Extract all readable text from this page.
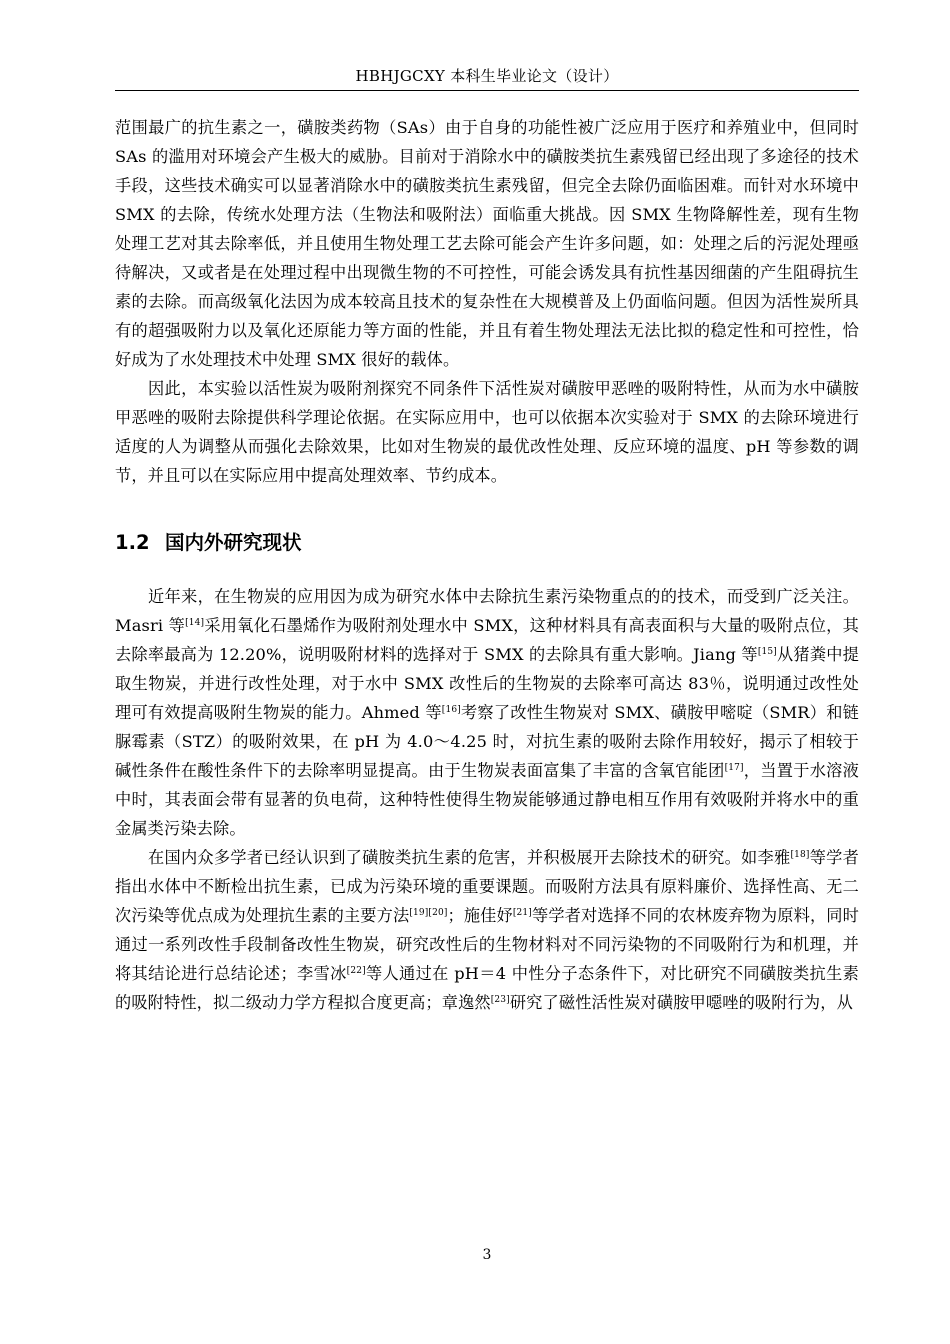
HBHJGCXY 本科生毕业论文（设计）

范围最广的抗生素之一，磺胺类药物（SAs）由于自身的功能性被广泛应用于医疗和养殖业中，但同时 SAs 的滥用对环境会产生极大的威胁。目前对于消除水中的磺胺类抗生素残留已经出现了多途径的技术手段，这些技术确实可以显著消除水中的磺胺类抗生素残留，但完全去除仍面临困难。而针对水环境中 SMX 的去除，传统水处理方法（生物法和吸附法）面临重大挑战。因 SMX 生物降解性差，现有生物处理工艺对其去除率低，并且使用生物处理工艺去除可能会产生许多问题，如：处理之后的污泥处理亟待解决，又或者是在处理过程中出现微生物的不可控性，可能会诱发具有抗性基因细菌的产生阻碍抗生素的去除。而高级氧化法因为成本较高且技术的复杂性在大规模普及上仍面临问题。但因为活性炭所具有的超强吸附力以及氧化还原能力等方面的性能，并且有着生物处理法无法比拟的稳定性和可控性，恰好成为了水处理技术中处理 SMX 很好的载体。

因此，本实验以活性炭为吸附剂探究不同条件下活性炭对磺胺甲恶唑的吸附特性，从而为水中磺胺甲恶唑的吸附去除提供科学理论依据。在实际应用中，也可以依据本次实验对于 SMX 的去除环境进行适度的人为调整从而强化去除效果，比如对生物炭的最优改性处理、反应环境的温度、pH 等参数的调节，并且可以在实际应用中提高处理效率、节约成本。

1.2 国内外研究现状

近年来，在生物炭的应用因为成为研究水体中去除抗生素污染物重点的的技术，而受到广泛关注。Masri 等[14]采用氧化石墨烯作为吸附剂处理水中 SMX，这种材料具有高表面积与大量的吸附点位，其去除率最高为 12.20%，说明吸附材料的选择对于 SMX 的去除具有重大影响。Jiang 等[15]从猪粪中提取生物炭，并进行改性处理，对于水中 SMX 改性后的生物炭的去除率可高达 83％，说明通过改性处理可有效提高吸附生物炭的能力。Ahmed 等[16]考察了改性生物炭对 SMX、磺胺甲嘧啶（SMR）和链脲霉素（STZ）的吸附效果，在 pH 为 4.0～4.25 时，对抗生素的吸附去除作用较好，揭示了相较于碱性条件在酸性条件下的去除率明显提高。由于生物炭表面富集了丰富的含氧官能团[17]，当置于水溶液中时，其表面会带有显著的负电荷，这种特性使得生物炭能够通过静电相互作用有效吸附并将水中的重金属类污染去除。

在国内众多学者已经认识到了磺胺类抗生素的危害，并积极展开去除技术的研究。如李雅[18]等学者指出水体中不断检出抗生素，已成为污染环境的重要课题。而吸附方法具有原料廉价、选择性高、无二次污染等优点成为处理抗生素的主要方法[19][20]；施佳妤[21]等学者对选择不同的农林废弃物为原料，同时通过一系列改性手段制备改性生物炭，研究改性后的生物材料对不同污染物的不同吸附行为和机理，并将其结论进行总结论述；李雪冰[22]等人通过在 pH＝4 中性分子态条件下，对比研究不同磺胺类抗生素的吸附特性，拟二级动力学方程拟合度更高；章逸然[23]研究了磁性活性炭对磺胺甲噁唑的吸附行为，从

3
